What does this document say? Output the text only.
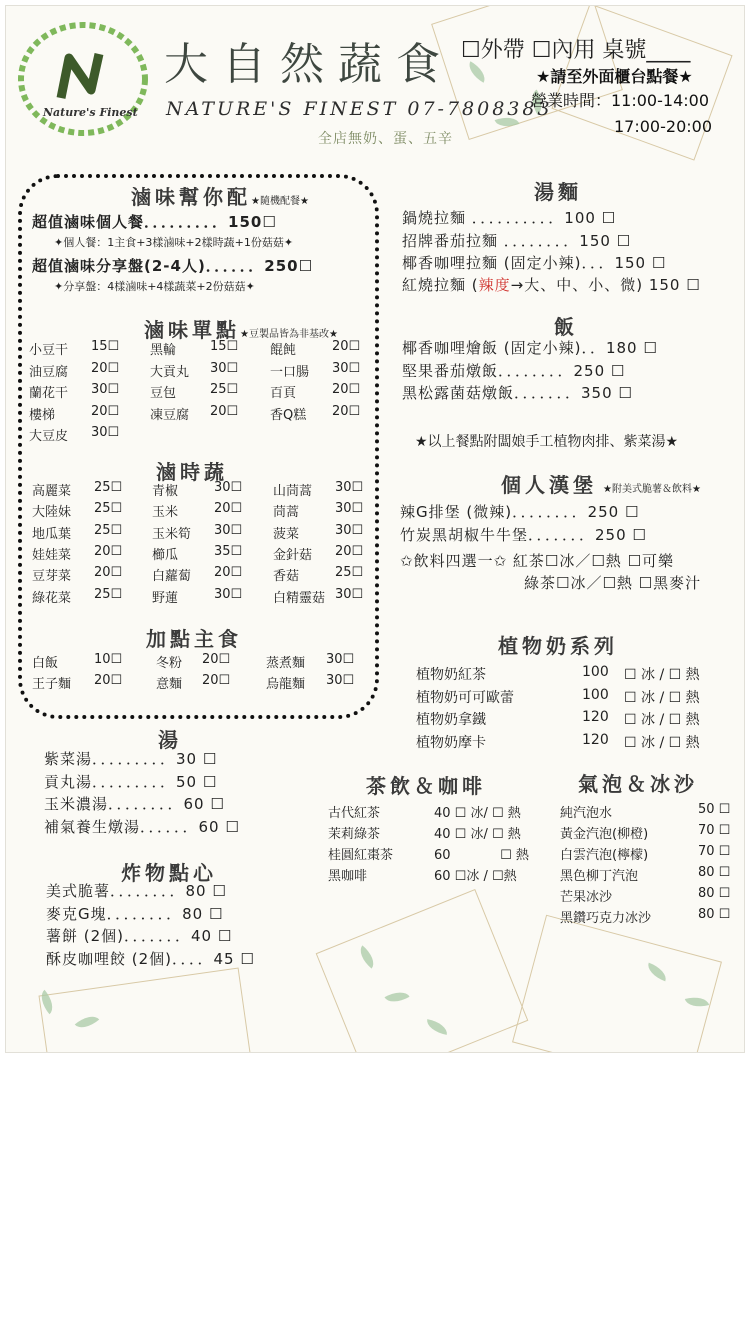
Nature's Finest
大自然蔬食
NATURE'S FINEST 07-7808383
全店無奶、蛋、五辛
☐外帶 ☐內用 桌號____
★請至外面櫃台點餐★
營業時間：11:00-14:00
17:00-20:00
滷味幫你配★隨機配餐★
超值滷味個人餐．．．．．．．．．150☐
✦個人餐：1主食+3樣滷味+2樣時蔬+1份菇菇✦
超值滷味分享盤(2-4人)．．．．．．250☐
✦分享盤：4樣滷味+4樣蔬菜+2份菇菇✦
滷味單點★豆製品皆為非基改★
小豆干 15☐ 黑輪	15☐ 餛飩	20☐
油豆腐 20☐ 大貢丸 30☐ 一口腸 30☐
蘭花干 30☐ 豆包	25☐ 百頁	20☐
樓梯	20☐ 凍豆腐 20☐ 香Q糕 20☐
大豆皮 30☐
滷時蔬
高麗菜 25☐ 青椒	30☐ 山茼蒿 30☐
大陸妹 25☐ 玉米	20☐ 茼蒿	30☐
地瓜葉 25☐ 玉米筍 30☐ 菠菜	30☐
娃娃菜 20☐ 櫛瓜	35☐ 金針菇 20☐
豆芽菜 20☐ 白蘿蔔 20☐ 香菇	25☐
綠花菜 25☐ 野蓮	30☐ 白精靈菇 30☐
加點主食
白飯	10☐	冬粉 20☐	蒸煮麵 30☐
王子麵 20☐	意麵 20☐	烏龍麵 30☐
湯
紫菜湯．．．．．．．．．30 ☐
貢丸湯．．．．．．．．．50 ☐
玉米濃湯．．．．．．．．60 ☐
補氣養生燉湯．．．．．．60 ☐
炸物點心
美式脆薯．．．．．．．．80 ☐
麥克G塊．．．．．．．．80 ☐
薯餅 (2個)．．．．．．．40 ☐
酥皮咖哩餃 (2個)．．．．45 ☐
湯麵
鍋燒拉麵 ．．．．．．．．．．100 ☐
招牌番茄拉麵 ．．．．．．．．150 ☐
椰香咖哩拉麵 (固定小辣)．．．150 ☐
紅燒拉麵 (辣度→大、中、小、微) 150 ☐
飯
椰香咖哩燴飯 (固定小辣)．．180 ☐
堅果番茄燉飯．．．．．．．．250 ☐
黑松露菌菇燉飯．．．．．．．350 ☐
★以上餐點附闆娘手工植物肉排、紫菜湯★
個人漢堡 ★附美式脆薯＆飲料★
辣G排堡 (微辣)．．．．．．．．250 ☐
竹炭黑胡椒牛牛堡．．．．．．．250 ☐
✩飲料四選一✩ 紅茶☐冰／☐熱 ☐可樂
綠茶☐冰／☐熱 ☐黑麥汁
植物奶系列
植物奶紅茶	100 ☐ 冰 / ☐ 熱
植物奶可可歐蕾	100 ☐ 冰 / ☐ 熱
植物奶拿鐵	120 ☐ 冰 / ☐ 熱
植物奶摩卡	120 ☐ 冰 / ☐ 熱
茶飲＆咖啡
古代紅茶	40 ☐ 冰/ ☐ 熱
茉莉綠茶	40 ☐ 冰/ ☐ 熱
桂圓紅棗茶	60            ☐ 熱
黑咖啡	60 ☐冰 / ☐熱
氣泡＆冰沙
純汽泡水	50 ☐
黃金汽泡(柳橙)	70 ☐
白雲汽泡(檸檬)	70 ☐
黑色柳丁汽泡	80 ☐
芒果冰沙	80 ☐
黑鑽巧克力冰沙	80 ☐
